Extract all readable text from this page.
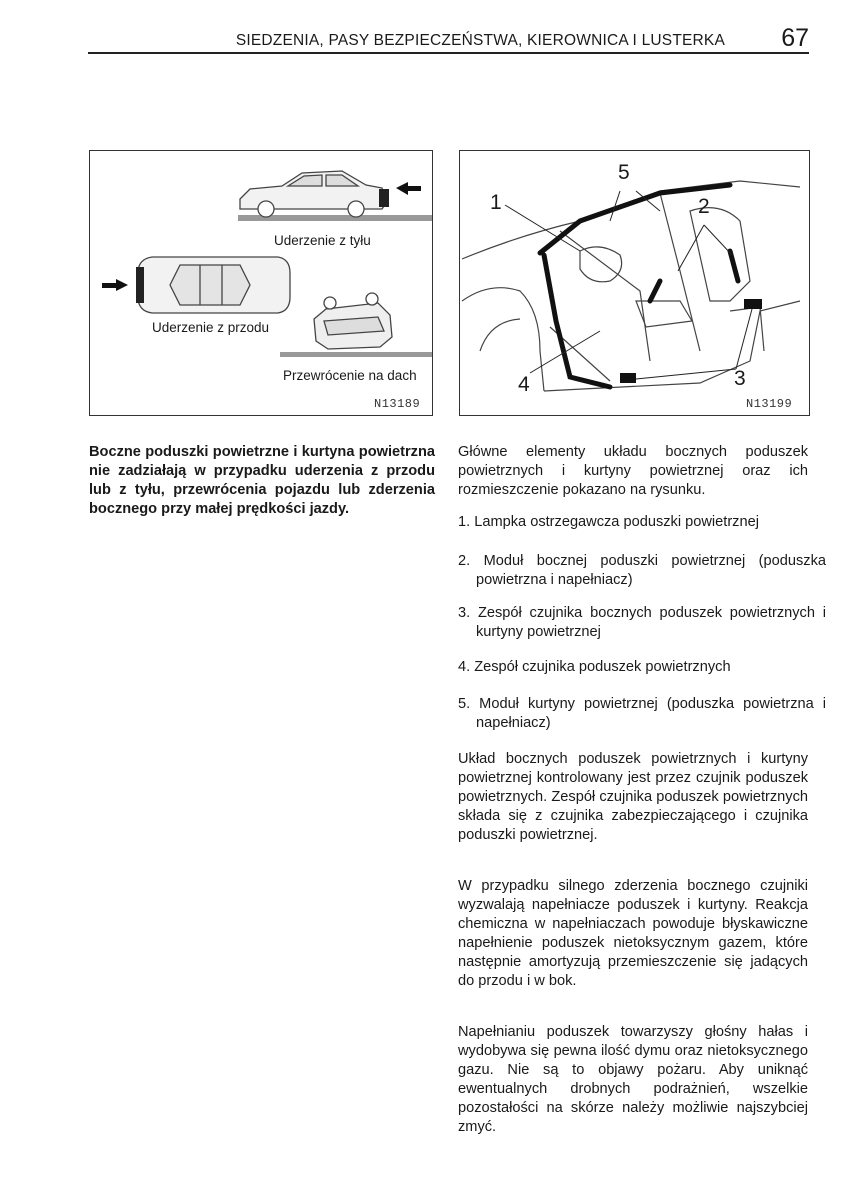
SIEDZENIA, PASY BEZPIECZEŃSTWA, KIEROWNICA I LUSTERKA 67
Uderzenie z tyłu
Uderzenie z przodu
Przewrócenie na dach
N13189
1	2
3
4
5
N13199

Boczne poduszki powietrzne i kurtyna powietrzna nie zadziałają w przypadku uderzenia z przodu lub z tyłu, przewrócenia pojazdu lub zderzenia bocznego przy małej prędkości jazdy.

Główne elementy układu bocznych poduszek powietrznych i kurtyny powietrznej oraz ich rozmieszczenie pokazano na rysunku.

1. Lampka ostrzegawcza poduszki powietrznej
2. Moduł bocznej poduszki powietrznej (poduszka powietrzna i napełniacz)
3. Zespół czujnika bocznych poduszek powietrznych i kurtyny powietrznej
4. Zespół czujnika poduszek powietrznych
5. Moduł kurtyny powietrznej (poduszka powietrzna i napełniacz)

Układ bocznych poduszek powietrznych i kurtyny powietrznej kontrolowany jest przez czujnik poduszek powietrznych. Zespół czujnika poduszek powietrznych składa się z czujnika zabezpieczającego i czujnika poduszki powietrznej.

W przypadku silnego zderzenia bocznego czujniki wyzwalają napełniacze poduszek i kurtyny. Reakcja chemiczna w napełniaczach powoduje błyskawiczne napełnienie poduszek nietoksycznym gazem, które następnie amortyzują przemieszczenie się jadących do przodu i w bok.

Napełnianiu poduszek towarzyszy głośny hałas i wydobywa się pewna ilość dymu oraz nietoksycznego gazu. Nie są to objawy pożaru. Aby uniknąć ewentualnych drobnych podrażnień, wszelkie pozostałości na skórze należy możliwie najszybciej zmyć.
